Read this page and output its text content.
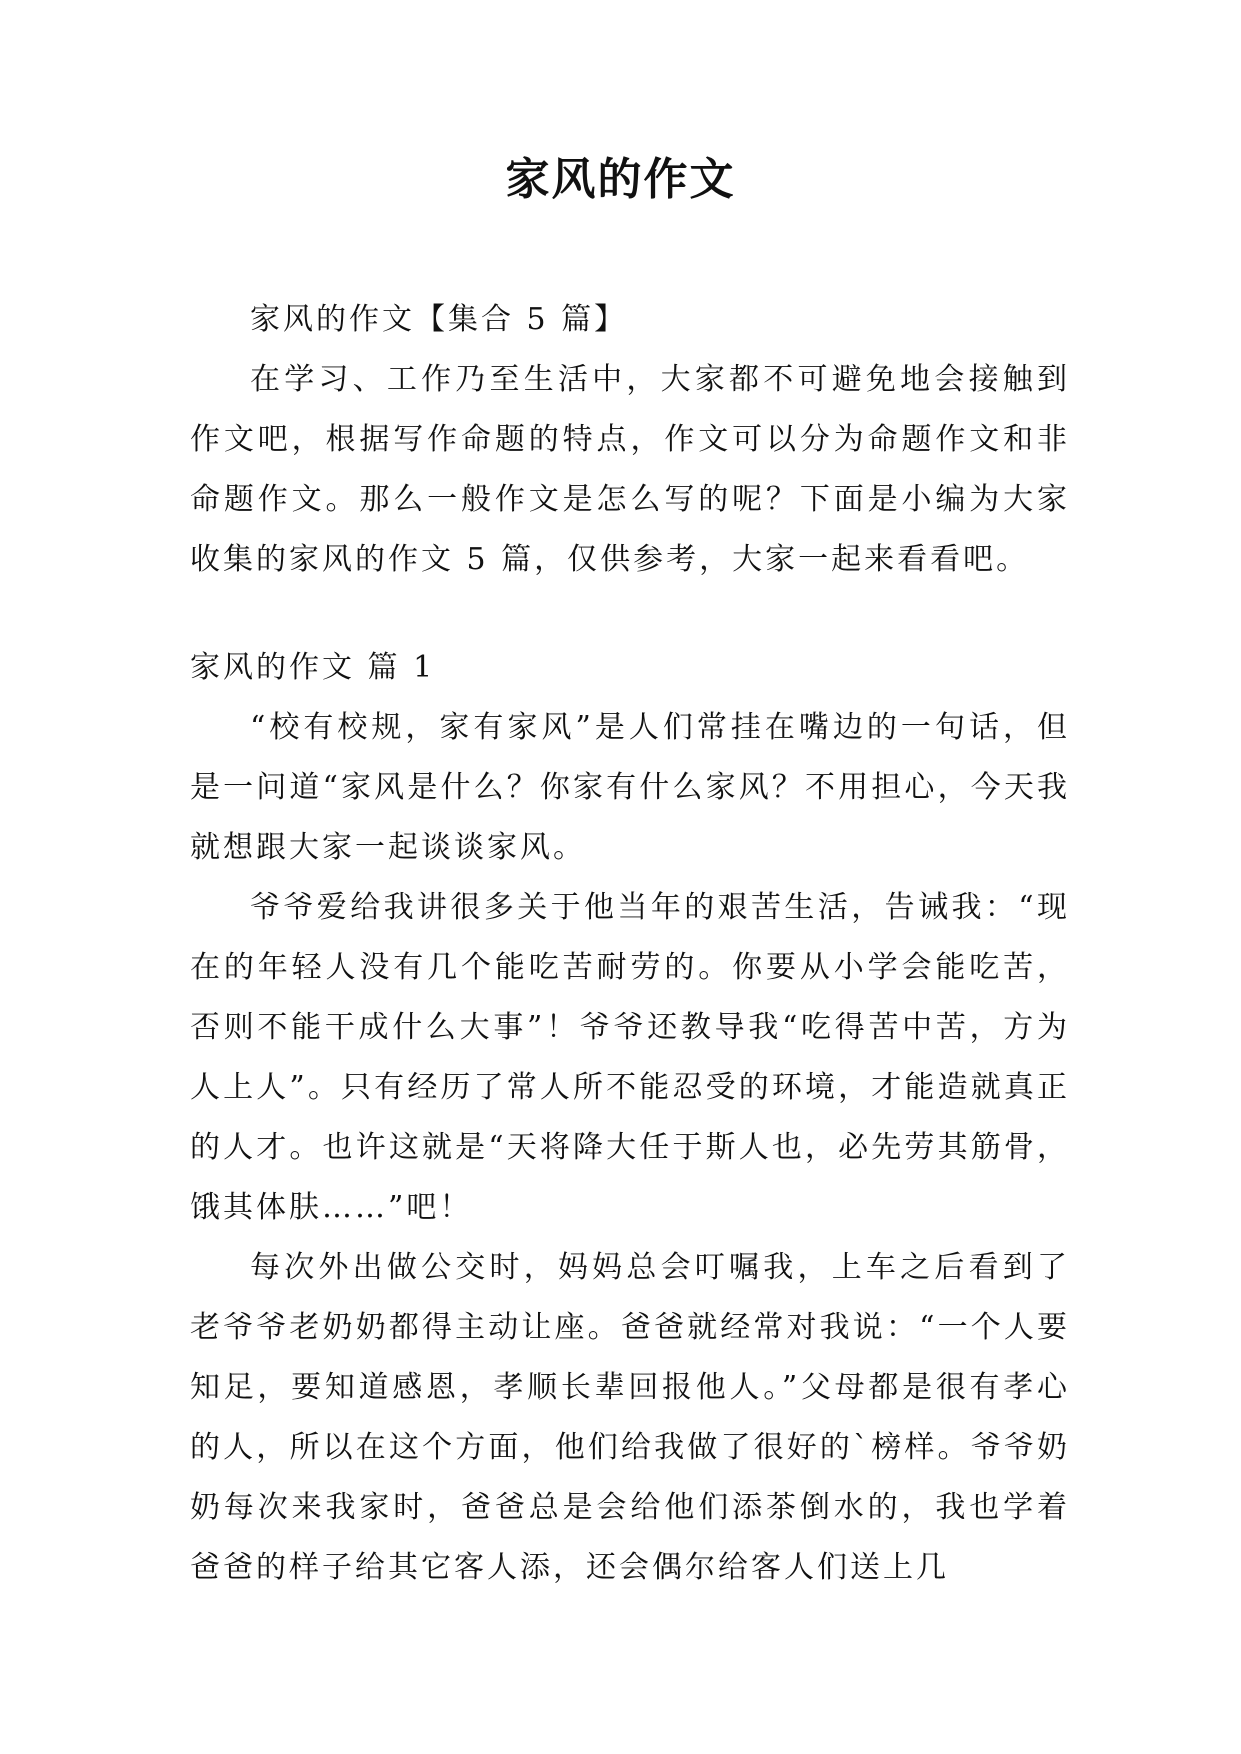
家风的作文

家风的作文【集合 5 篇】

在学习、工作乃至生活中，大家都不可避免地会接触到作文吧，根据写作命题的特点，作文可以分为命题作文和非命题作文。那么一般作文是怎么写的呢？下面是小编为大家收集的家风的作文 5 篇，仅供参考，大家一起来看看吧。

家风的作文 篇 1

“校有校规，家有家风”是人们常挂在嘴边的一句话，但是一问道“家风是什么？你家有什么家风？不用担心，今天我就想跟大家一起谈谈家风。

爷爷爱给我讲很多关于他当年的艰苦生活，告诫我：“现在的年轻人没有几个能吃苦耐劳的。你要从小学会能吃苦，否则不能干成什么大事”！爷爷还教导我“吃得苦中苦，方为人上人”。只有经历了常人所不能忍受的环境，才能造就真正的人才。也许这就是“天将降大任于斯人也，必先劳其筋骨，饿其体肤……”吧！

每次外出做公交时，妈妈总会叮嘱我，上车之后看到了老爷爷老奶奶都得主动让座。爸爸就经常对我说：“一个人要知足，要知道感恩，孝顺长辈回报他人。”父母都是很有孝心的人，所以在这个方面，他们给我做了很好的`榜样。爷爷奶奶每次来我家时，爸爸总是会给他们添茶倒水的，我也学着爸爸的样子给其它客人添，还会偶尔给客人们送上几
